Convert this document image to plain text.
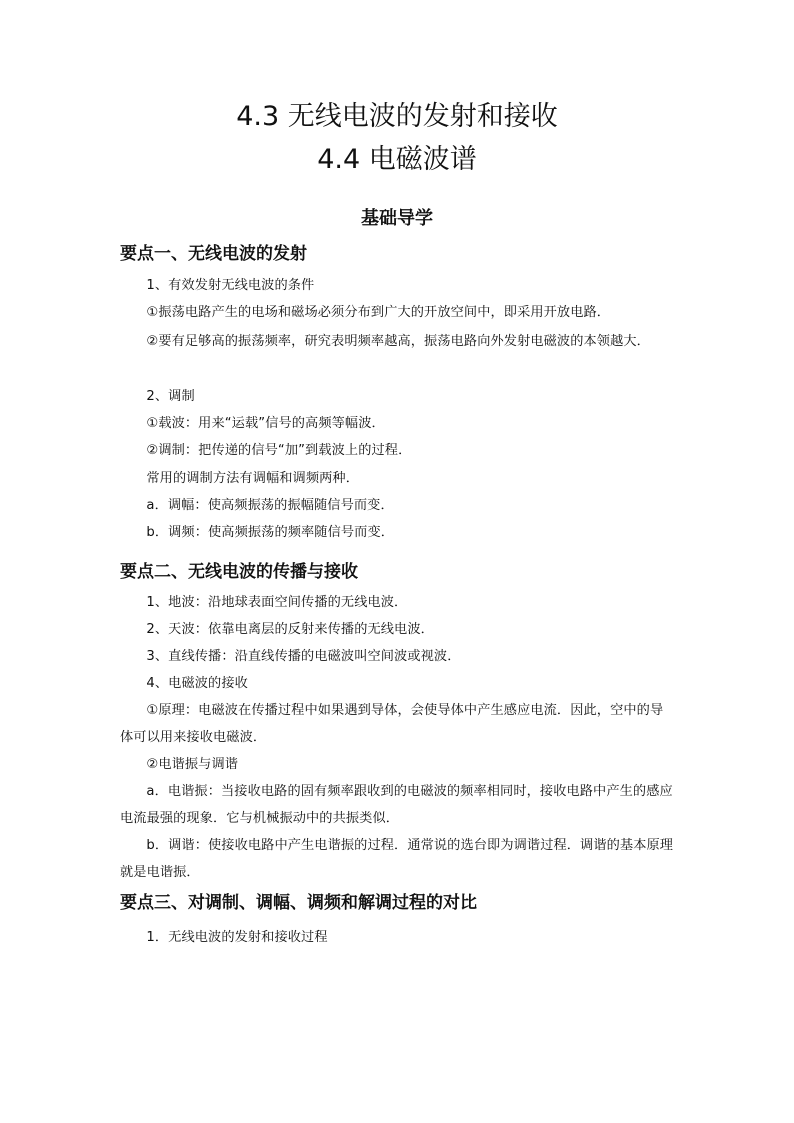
4.3 无线电波的发射和接收
4.4 电磁波谱
基础导学
要点一、无线电波的发射
1、有效发射无线电波的条件
①振荡电路产生的电场和磁场必须分布到广大的开放空间中，即采用开放电路．
②要有足够高的振荡频率，研究表明频率越高，振荡电路向外发射电磁波的本领越大．
2、调制
①载波：用来“运载”信号的高频等幅波．
②调制：把传递的信号“加”到载波上的过程．
常用的调制方法有调幅和调频两种．
a．调幅：使高频振荡的振幅随信号而变．
b．调频：使高频振荡的频率随信号而变．
要点二、无线电波的传播与接收
1、地波：沿地球表面空间传播的无线电波．
2、天波：依靠电离层的反射来传播的无线电波．
3、直线传播：沿直线传播的电磁波叫空间波或视波．
4、电磁波的接收
①原理：电磁波在传播过程中如果遇到导体，会使导体中产生感应电流．因此，空中的导体可以用来接收电磁波．
②电谐振与调谐
a．电谐振：当接收电路的固有频率跟收到的电磁波的频率相同时，接收电路中产生的感应电流最强的现象．它与机械振动中的共振类似．
b．调谐：使接收电路中产生电谐振的过程．通常说的选台即为调谐过程．调谐的基本原理就是电谐振．
要点三、对调制、调幅、调频和解调过程的对比
1．无线电波的发射和接收过程
